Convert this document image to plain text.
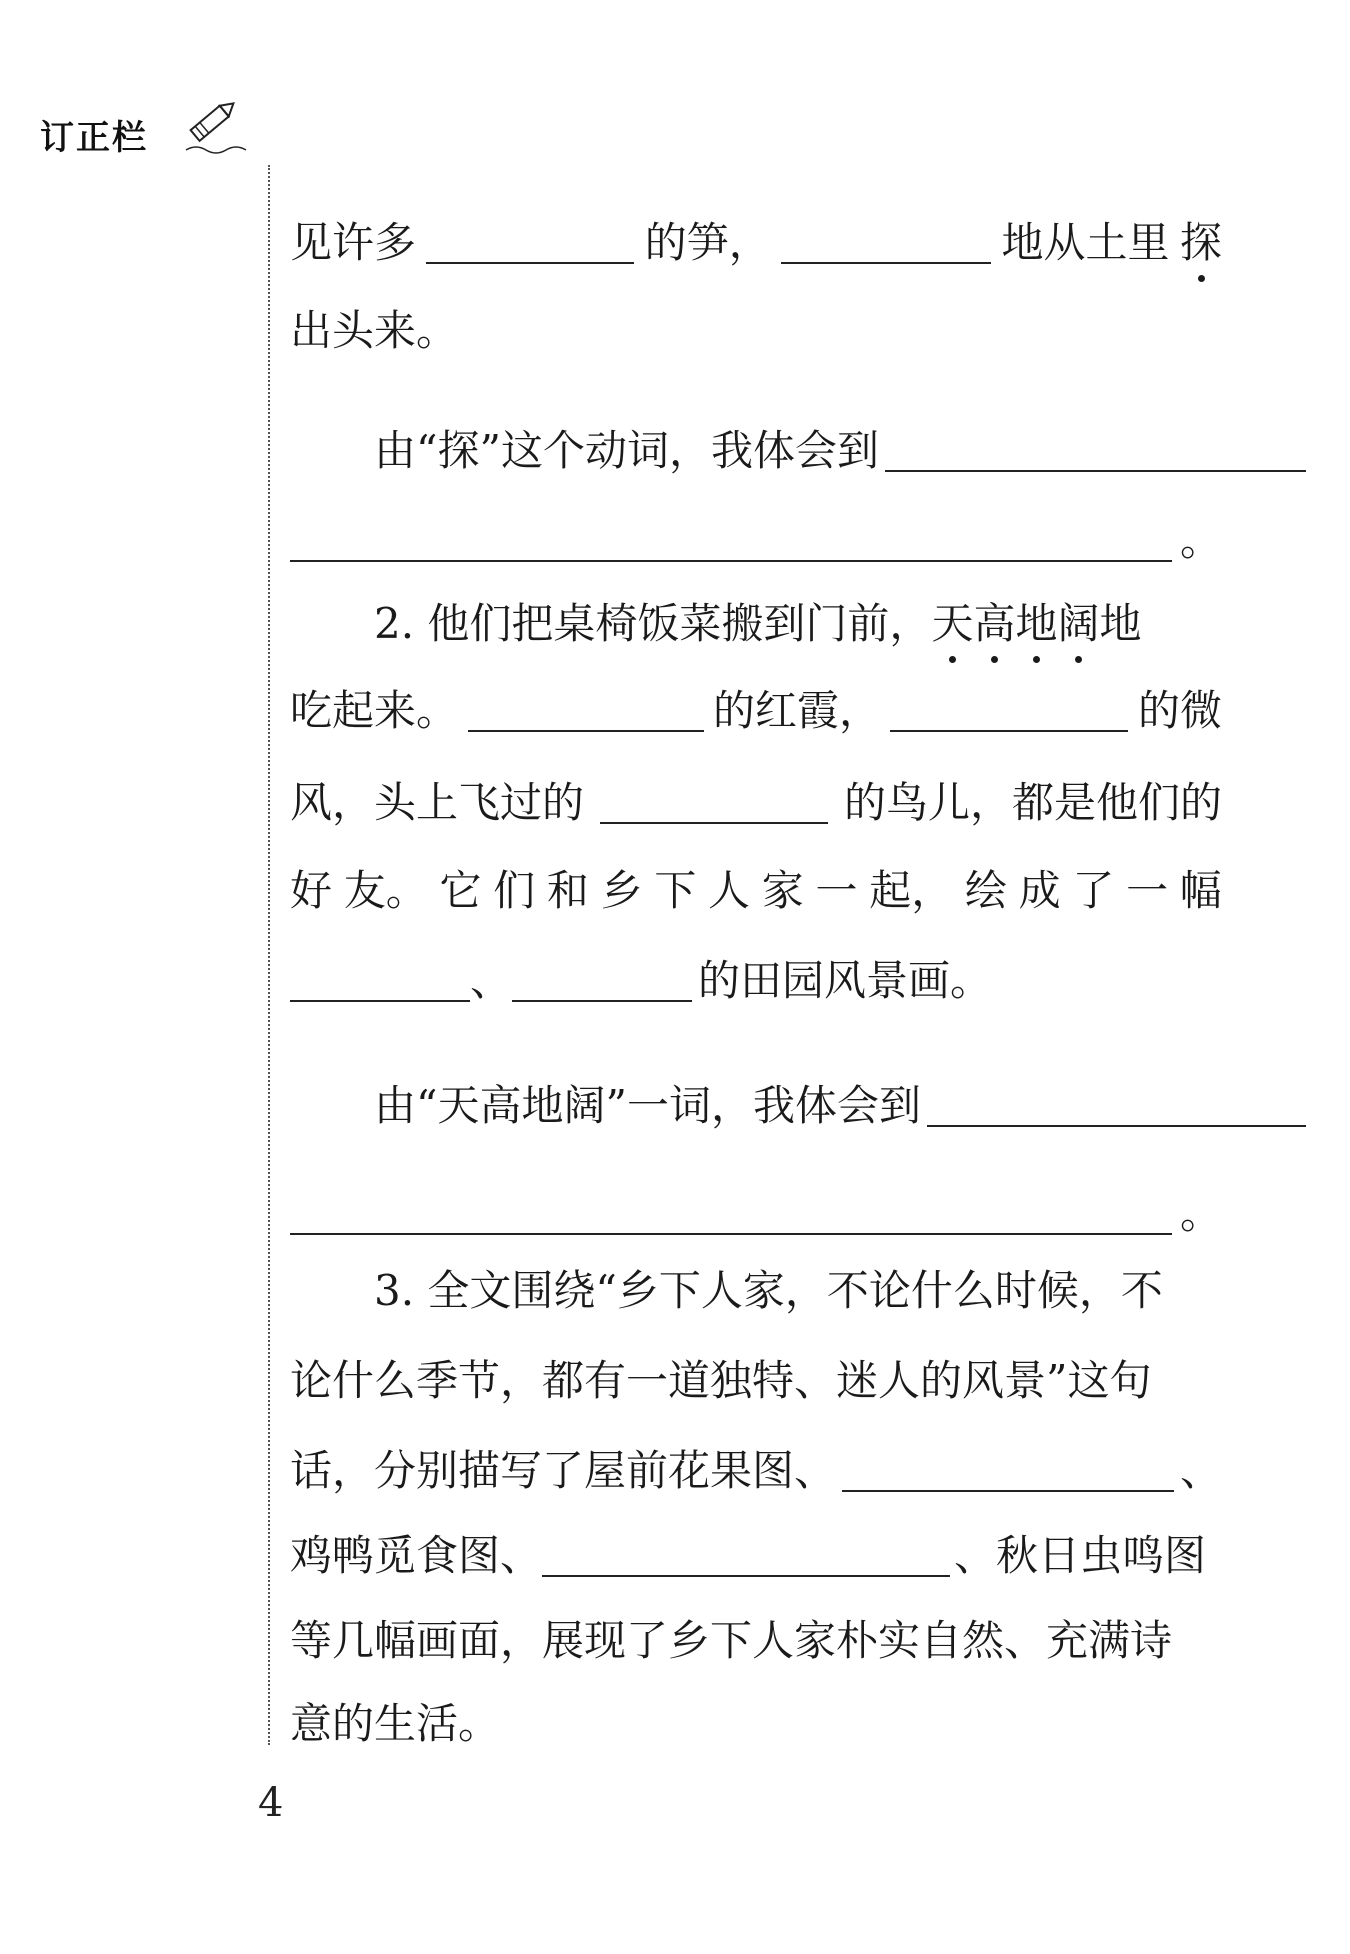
订正栏
4
见许多	的笋，	地从土里 探
出头来。
由“探”这个动词，我体会到
。
2. 他们把桌椅饭菜搬到门前， 天 高 地 阔 地
吃起来。	的红霞，	的微
风，头上飞过的	的鸟儿，都是他们的
好 友。 它 们 和 乡 下 人 家 一 起， 绘 成 了 一 幅
、	的田园风景画。
由“天高地阔”一词，我体会到
。
3. 全文围绕“乡下人家，不论什么时候，不
论什么季节，都有一道独特、迷人的风景”这句
话，分别描写了屋前花果图、	、
鸡鸭觅食图、	、秋日虫鸣图
等几幅画面，展现了乡下人家朴实自然、充满诗
意的生活。
